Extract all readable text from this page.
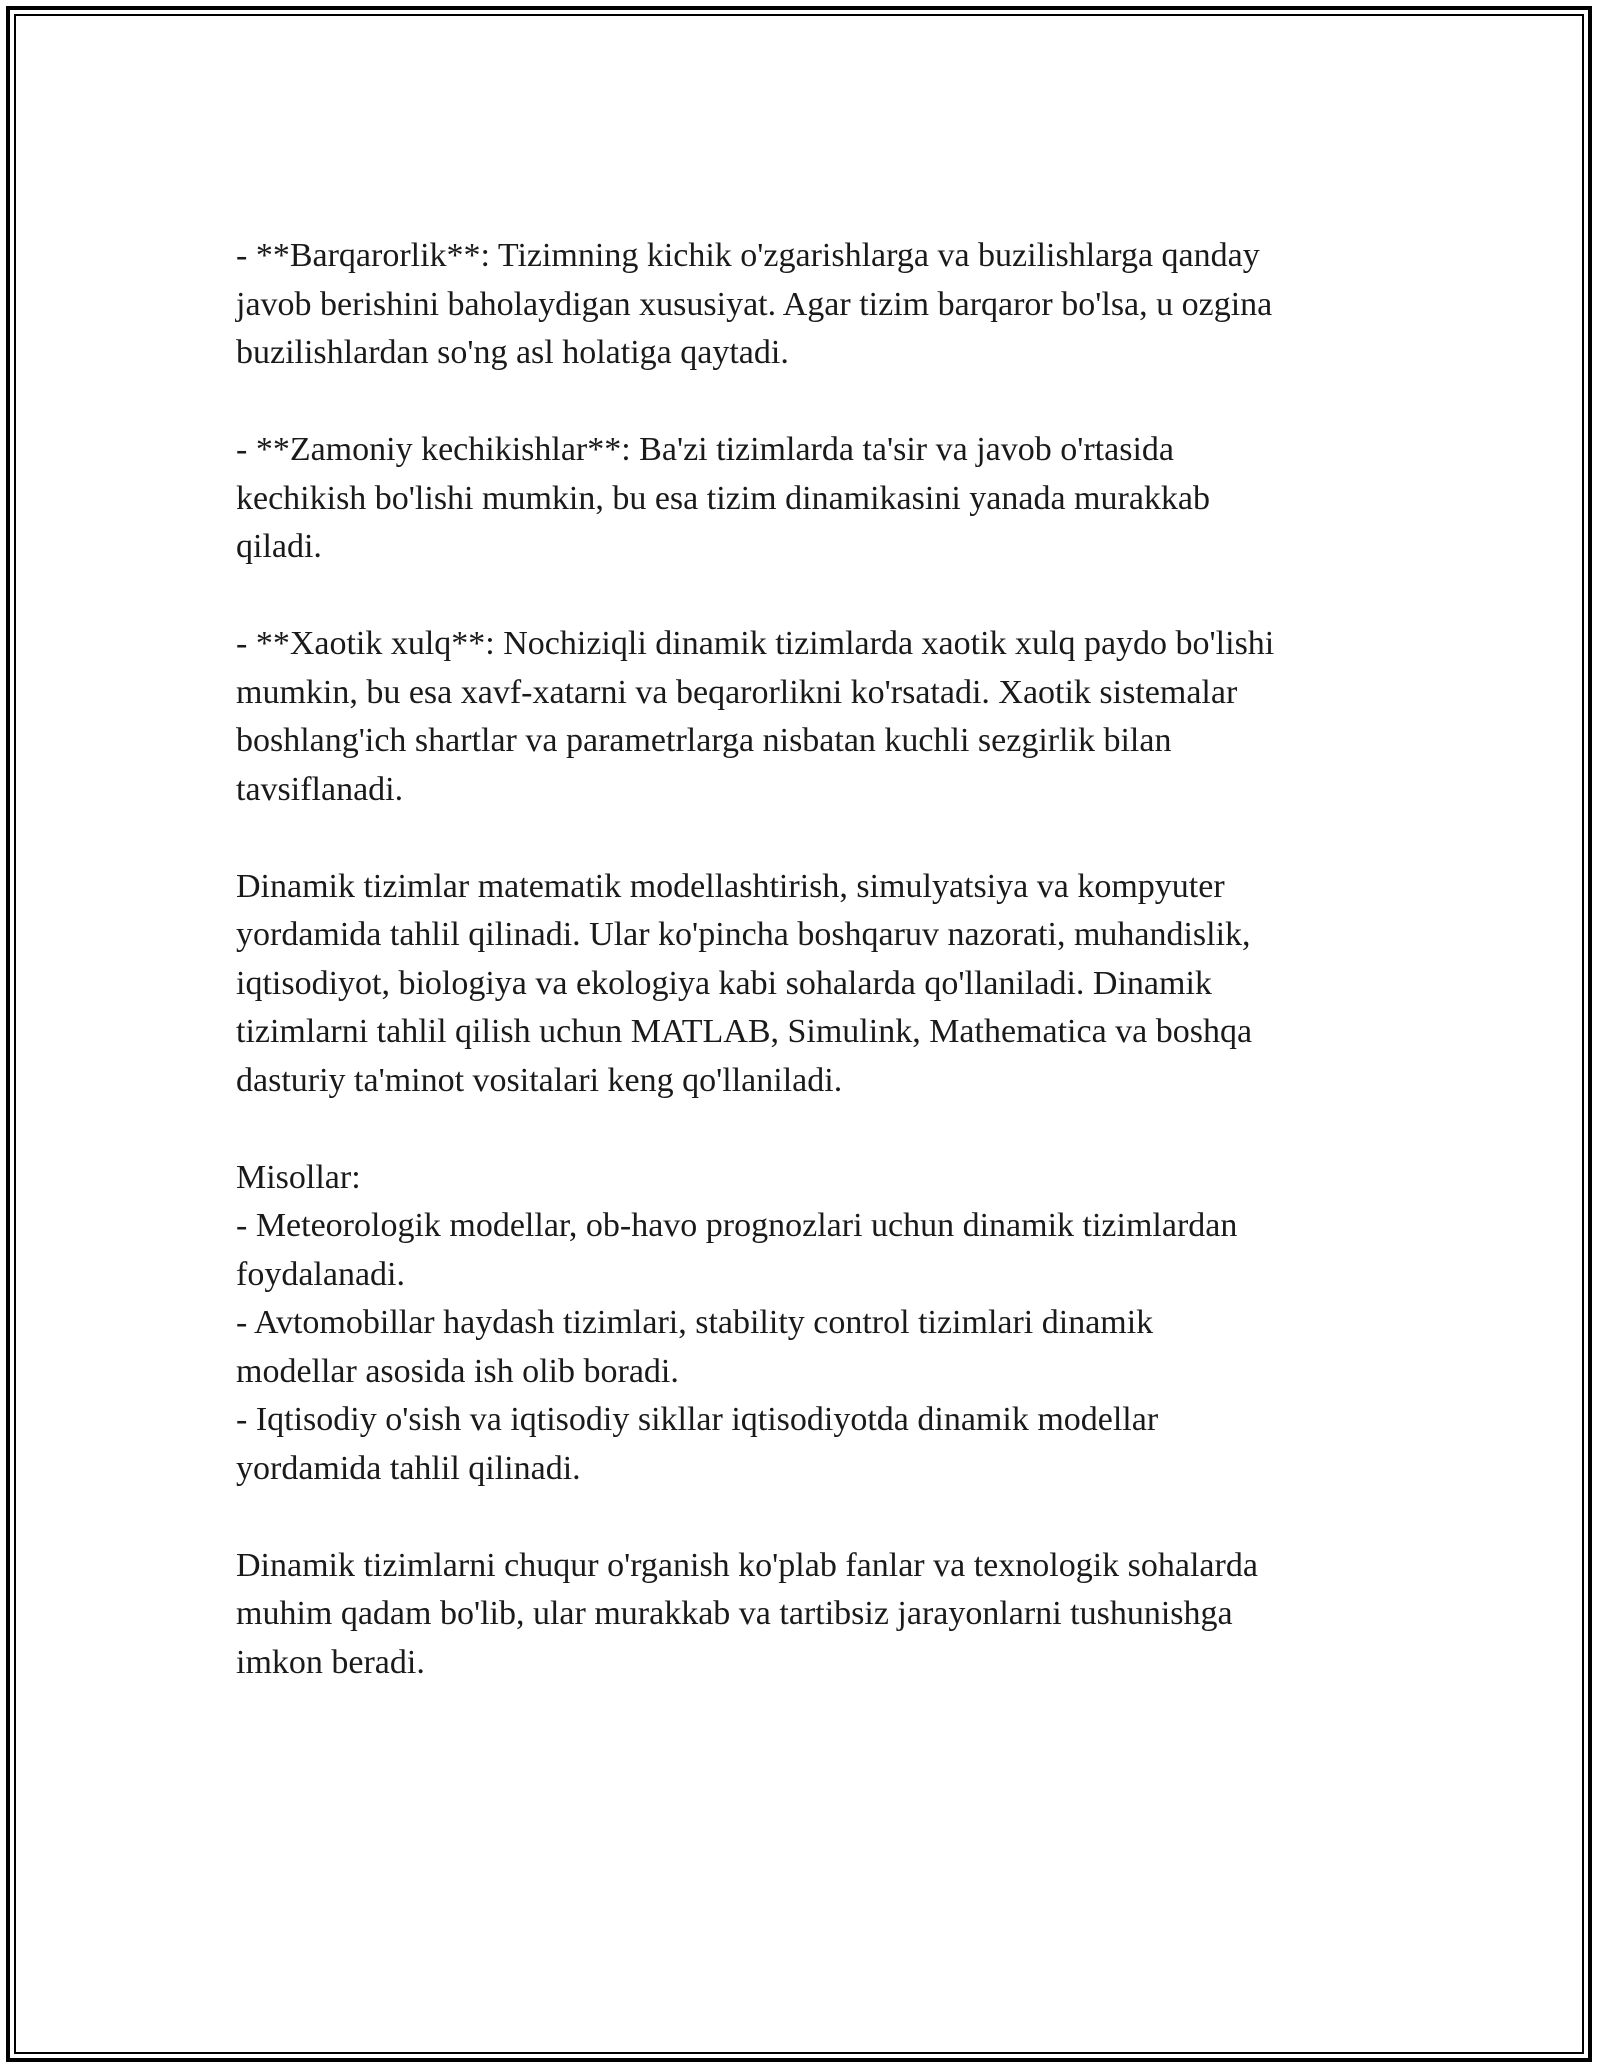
- **Barqarorlik**: Tizimning kichik o'zgarishlarga va buzilishlarga qanday
javob berishini baholaydigan xususiyat. Agar tizim barqaror bo'lsa, u ozgina
buzilishlardan so'ng asl holatiga qaytadi.

- **Zamoniy kechikishlar**: Ba'zi tizimlarda ta'sir va javob o'rtasida
kechikish bo'lishi mumkin, bu esa tizim dinamikasini yanada murakkab
qiladi.

- **Xaotik xulq**: Nochiziqli dinamik tizimlarda xaotik xulq paydo bo'lishi
mumkin, bu esa xavf-xatarni va beqarorlikni ko'rsatadi. Xaotik sistemalar
boshlang'ich shartlar va parametrlarga nisbatan kuchli sezgirlik bilan
tavsiflanadi.

Dinamik tizimlar matematik modellashtirish, simulyatsiya va kompyuter
yordamida tahlil qilinadi. Ular ko'pincha boshqaruv nazorati, muhandislik,
iqtisodiyot, biologiya va ekologiya kabi sohalarda qo'llaniladi. Dinamik
tizimlarni tahlil qilish uchun MATLAB, Simulink, Mathematica va boshqa
dasturiy ta'minot vositalari keng qo'llaniladi.

Misollar:
- Meteorologik modellar, ob-havo prognozlari uchun dinamik tizimlardan
foydalanadi.
- Avtomobillar haydash tizimlari, stability control tizimlari dinamik
modellar asosida ish olib boradi.
- Iqtisodiy o'sish va iqtisodiy sikllar iqtisodiyotda dinamik modellar
yordamida tahlil qilinadi.

Dinamik tizimlarni chuqur o'rganish ko'plab fanlar va texnologik sohalarda
muhim qadam bo'lib, ular murakkab va tartibsiz jarayonlarni tushunishga
imkon beradi.
